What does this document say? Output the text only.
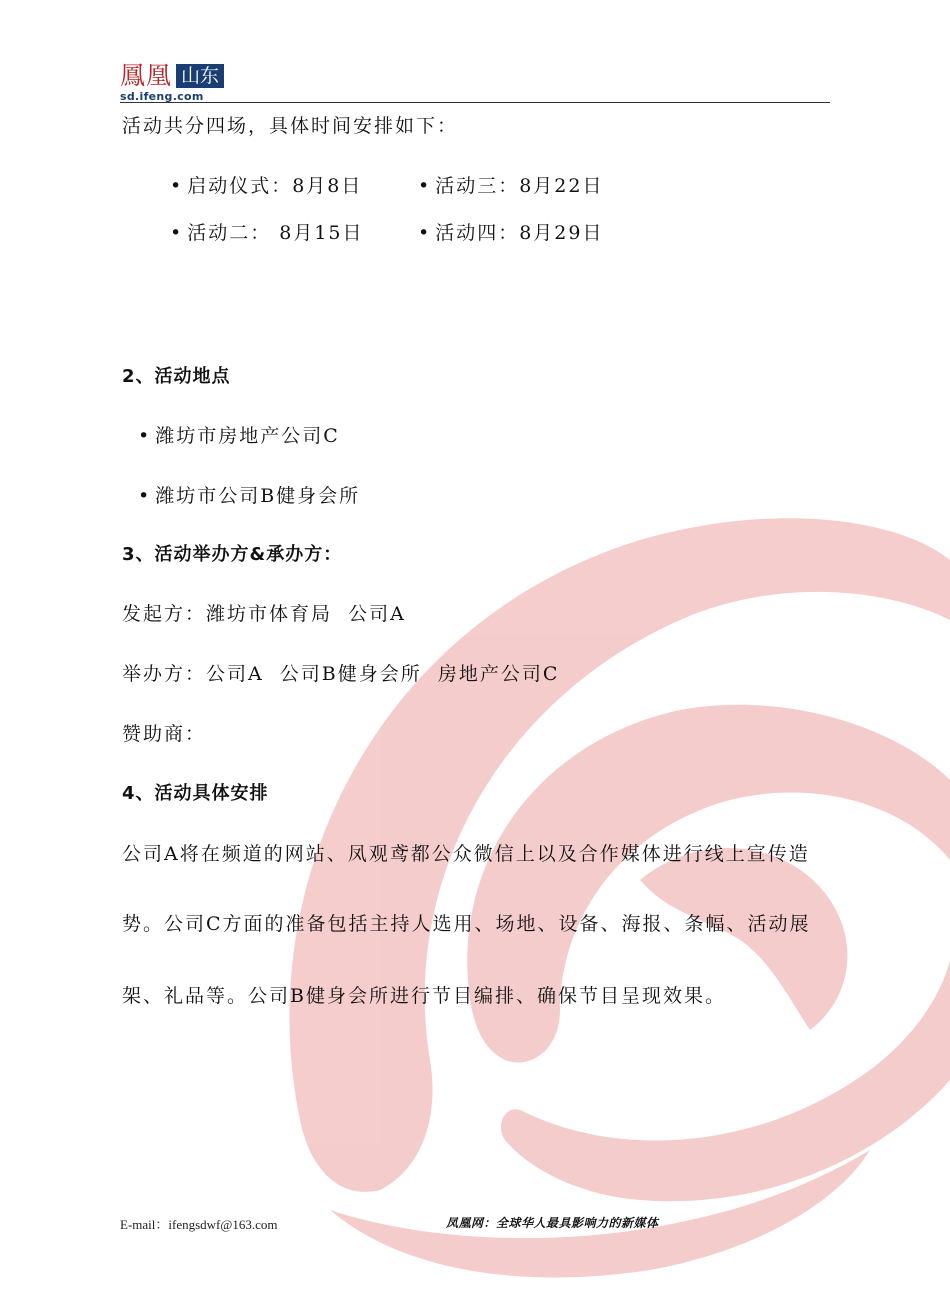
鳳凰 山东
sd.ifeng.com
活动共分四场，具体时间安排如下：
• 启动仪式：8月8日	• 活动三：8月22日
• 活动二： 8月15日	• 活动四：8月29日
2、活动地点
• 潍坊市房地产公司C
• 潍坊市公司B健身会所
3、活动举办方&承办方：
发起方：潍坊市体育局  公司A
举办方：公司A  公司B健身会所  房地产公司C
赞助商：
4、活动具体安排
公司A将在频道的网站、凤观鸢都公众微信上以及合作媒体进行线上宣传造
势。公司C方面的准备包括主持人选用、场地、设备、海报、条幅、活动展
架、礼品等。公司B健身会所进行节目编排、确保节目呈现效果。
E-mail：ifengsdwf@163.com	凤凰网：全球华人最具影响力的新媒体
